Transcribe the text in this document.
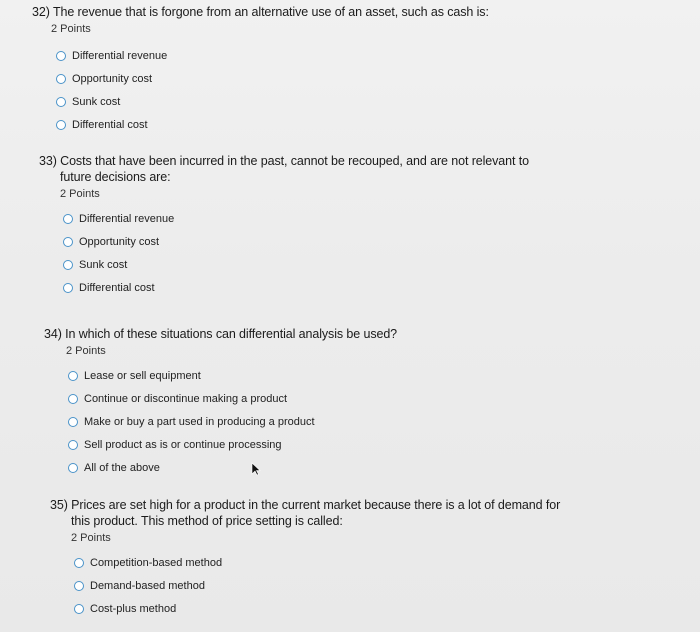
32) The revenue that is forgone from an alternative use of an asset, such as cash is:

2 Points
Differential revenue
Opportunity cost
Sunk cost
Differential cost

33) Costs that have been incurred in the past, cannot be recouped, and are not relevant to future decisions are:

2 Points
Differential revenue
Opportunity cost
Sunk cost
Differential cost

34) In which of these situations can differential analysis be used?

2 Points
Lease or sell equipment
Continue or discontinue making a product
Make or buy a part used in producing a product
Sell product as is or continue processing
All of the above

35) Prices are set high for a product in the current market because there is a lot of demand for this product. This method of price setting is called:

2 Points
Competition-based method
Demand-based method
Cost-plus method
